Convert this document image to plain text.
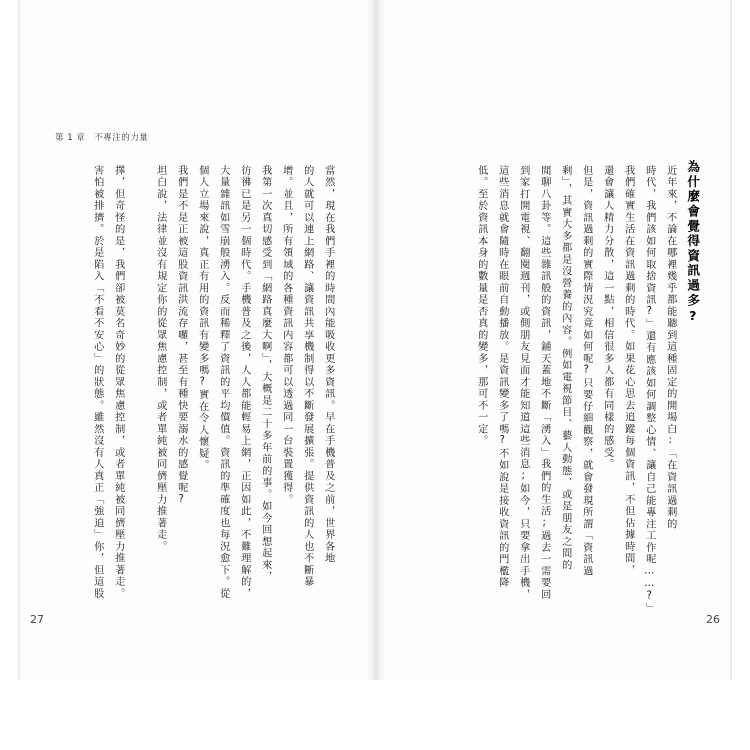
第 1 章　不專注的力量
為什麼會覺得資訊過多?
近年來，不論在哪裡幾乎都能聽到這種固定的開場白:「在資訊過剩的
時代，我們該如何取捨資訊?」還有應該如何調整心情、讓自己能專注工作呢……?」
我們確實生活在資訊過剩的時代。如果花心思去追蹤每個資訊，不但佔據時間，
還會讓人精力分散，這一點，相信很多人都有同樣的感受。
但是，資訊過剩的實際情況究竟如何呢?只要仔細觀察，就會發現所謂「資訊過
剩」，其實大多都是沒營養的內容。例如電視節目、藝人動態、或是朋友之間的
閒聊八卦等。這些雜訊般的資訊，鋪天蓋地不斷「湧入」我們的生活;過去一需要回
到家打開電視、翻閱週刊，或側朋友見面才能知道這些消息;如今，只要拿出手機，
這些消息就會隨時在眼前自動播放。是資訊變多了嗎?不如說是接收資訊的門檻降
低。至於資訊本身的數量是否真的變多，那可不一定。
26
當然，現在我們手裡的時間內能吸收更多資訊。早在手機普及之前，世界各地
的人就可以連上網路、讓資訊共享機制得以不斷發展擴張。提供資訊的人也不斷暴
增。並且，所有領域的各種資訊内容都可以透過同一台裝置獲得。
我第一次真切感受到「網路真麼大啊」，大概是二十多年前的事。如今回想起來，
彷彿已是另一個時代。手機普及之後，人人都能輕易上網，正因如此，不難理解的，
大量雜訊如雪崩般湧入。反而稀釋了資訊的平均價值。資訊的準確度也每況愈下。從
個人立場來說，真正有用的資訊有變多嗎?實在令人懷疑。
我們是不是正被這股資訊洪流存囉，甚至有種快要溺水的感覺呢?
坦白說，法律並沒有規定你的從眾焦慮控制，或者單純被同儕壓力推著走。
擇，但奇怪的是，我們卻被莫名奇妙的從眾焦慮控制，或者單純被同儕壓力推著走。
害怕被排擠。於是陷入「不看不安心」的狀態。雖然沒有人真正「強迫」你，但這股
27
